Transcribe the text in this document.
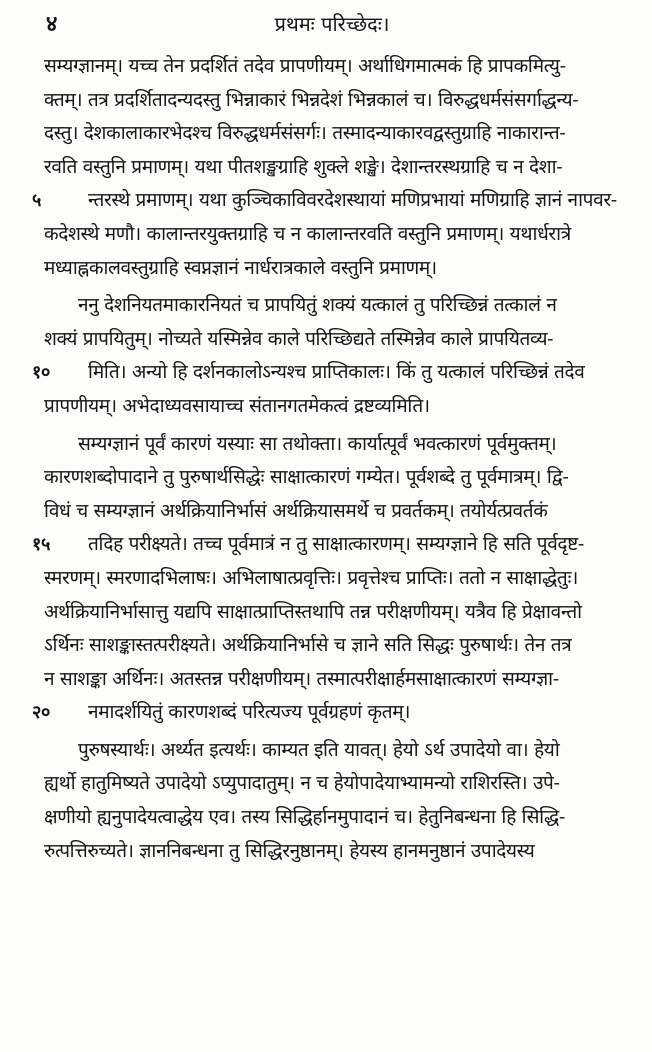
४	प्रथमः परिच्छेदः।
सम्यग्ज्ञानम्। यच्च तेन प्रदर्शितं तदेव प्रापणीयम्। अर्थाधिगमात्मकं हि प्रापकमित्यु-
क्तम्। तत्र प्रदर्शितादन्यदस्तु भिन्नाकारं भिन्नदेशं भिन्नकालं च। विरुद्धधर्मसंसर्गाद्धन्य-
दस्तु। देशकालाकारभेदश्च विरुद्धधर्मसंसर्गः। तस्मादन्याकारवद्वस्तुग्राहि नाकारान्त-
रवति वस्तुनि प्रमाणम्। यथा पीतशङ्खग्राहि शुक्ले शङ्खे। देशान्तरस्थग्राहि च न देशा-
५	न्तरस्थे प्रमाणम्। यथा कुञ्चिकाविवरदेशस्थायां मणिप्रभायां मणिग्राहि ज्ञानं नापवर-
कदेशस्थे मणौ। कालान्तरयुक्तग्राहि च न कालान्तरवति वस्तुनि प्रमाणम्। यथार्धरात्रे
मध्याह्नकालवस्तुग्राहि स्वप्नज्ञानं नार्धरात्रकाले वस्तुनि प्रमाणम्।
ननु देशनियतमाकारनियतं च प्रापयितुं शक्यं यत्कालं तु परिच्छिन्नं तत्कालं न
शक्यं प्रापयितुम्। नोच्यते यस्मिन्नेव काले परिच्छिद्यते तस्मिन्नेव काले प्रापयितव्य-
१०	मिति। अन्यो हि दर्शनकालोऽन्यश्च प्राप्तिकालः। किं तु यत्कालं परिच्छिन्नं तदेव
प्रापणीयम्। अभेदाध्यवसायाच्च संतानगतमेकत्वं द्रष्टव्यमिति।
सम्यग्ज्ञानं पूर्वं कारणं यस्याः सा तथोक्ता। कार्यात्पूर्वं भवत्कारणं पूर्वमुक्तम्।
कारणशब्दोपादाने तु पुरुषार्थसिद्धेः साक्षात्कारणं गम्येत। पूर्वशब्दे तु पूर्वमात्रम्। द्वि-
विधं च सम्यग्ज्ञानं अर्थक्रियानिर्भासं अर्थक्रियासमर्थे च प्रवर्तकम्। तयोर्यत्प्रवर्तकं
१५	तदिह परीक्ष्यते। तच्च पूर्वमात्रं न तु साक्षात्कारणम्। सम्यग्ज्ञाने हि सति पूर्वदृष्ट-
स्मरणम्। स्मरणादभिलाषः। अभिलाषात्प्रवृत्तिः। प्रवृत्तेश्च प्राप्तिः। ततो न साक्षाद्धेतुः।
अर्थक्रियानिर्भासात्तु यद्यपि साक्षात्प्राप्तिस्तथापि तन्न परीक्षणीयम्। यत्रैव हि प्रेक्षावन्तो
ऽर्थिनः साशङ्कास्तत्परीक्ष्यते। अर्थक्रियानिर्भासे च ज्ञाने सति सिद्धः पुरुषार्थः। तेन तत्र
न साशङ्का अर्थिनः। अतस्तन्न परीक्षणीयम्। तस्मात्परीक्षार्हमसाक्षात्कारणं सम्यग्ज्ञा-
२०	नमादर्शयितुं कारणशब्दं परित्यज्य पूर्वग्रहणं कृतम्।
पुरुषस्यार्थः। अर्थ्यत इत्यर्थः। काम्यत इति यावत्। हेयो ऽर्थ उपादेयो वा। हेयो
ह्यर्थो हातुमिष्यते उपादेयो ऽप्युपादातुम्। न च हेयोपादेयाभ्यामन्यो राशिरस्ति। उपे-
क्षणीयो ह्यनुपादेयत्वाद्धेय एव। तस्य सिद्धिर्हानमुपादानं च। हेतुनिबन्धना हि सिद्धि-
रुत्पत्तिरुच्यते। ज्ञाननिबन्धना तु सिद्धिरनुष्ठानम्। हेयस्य हानमनुष्ठानं उपादेयस्य
